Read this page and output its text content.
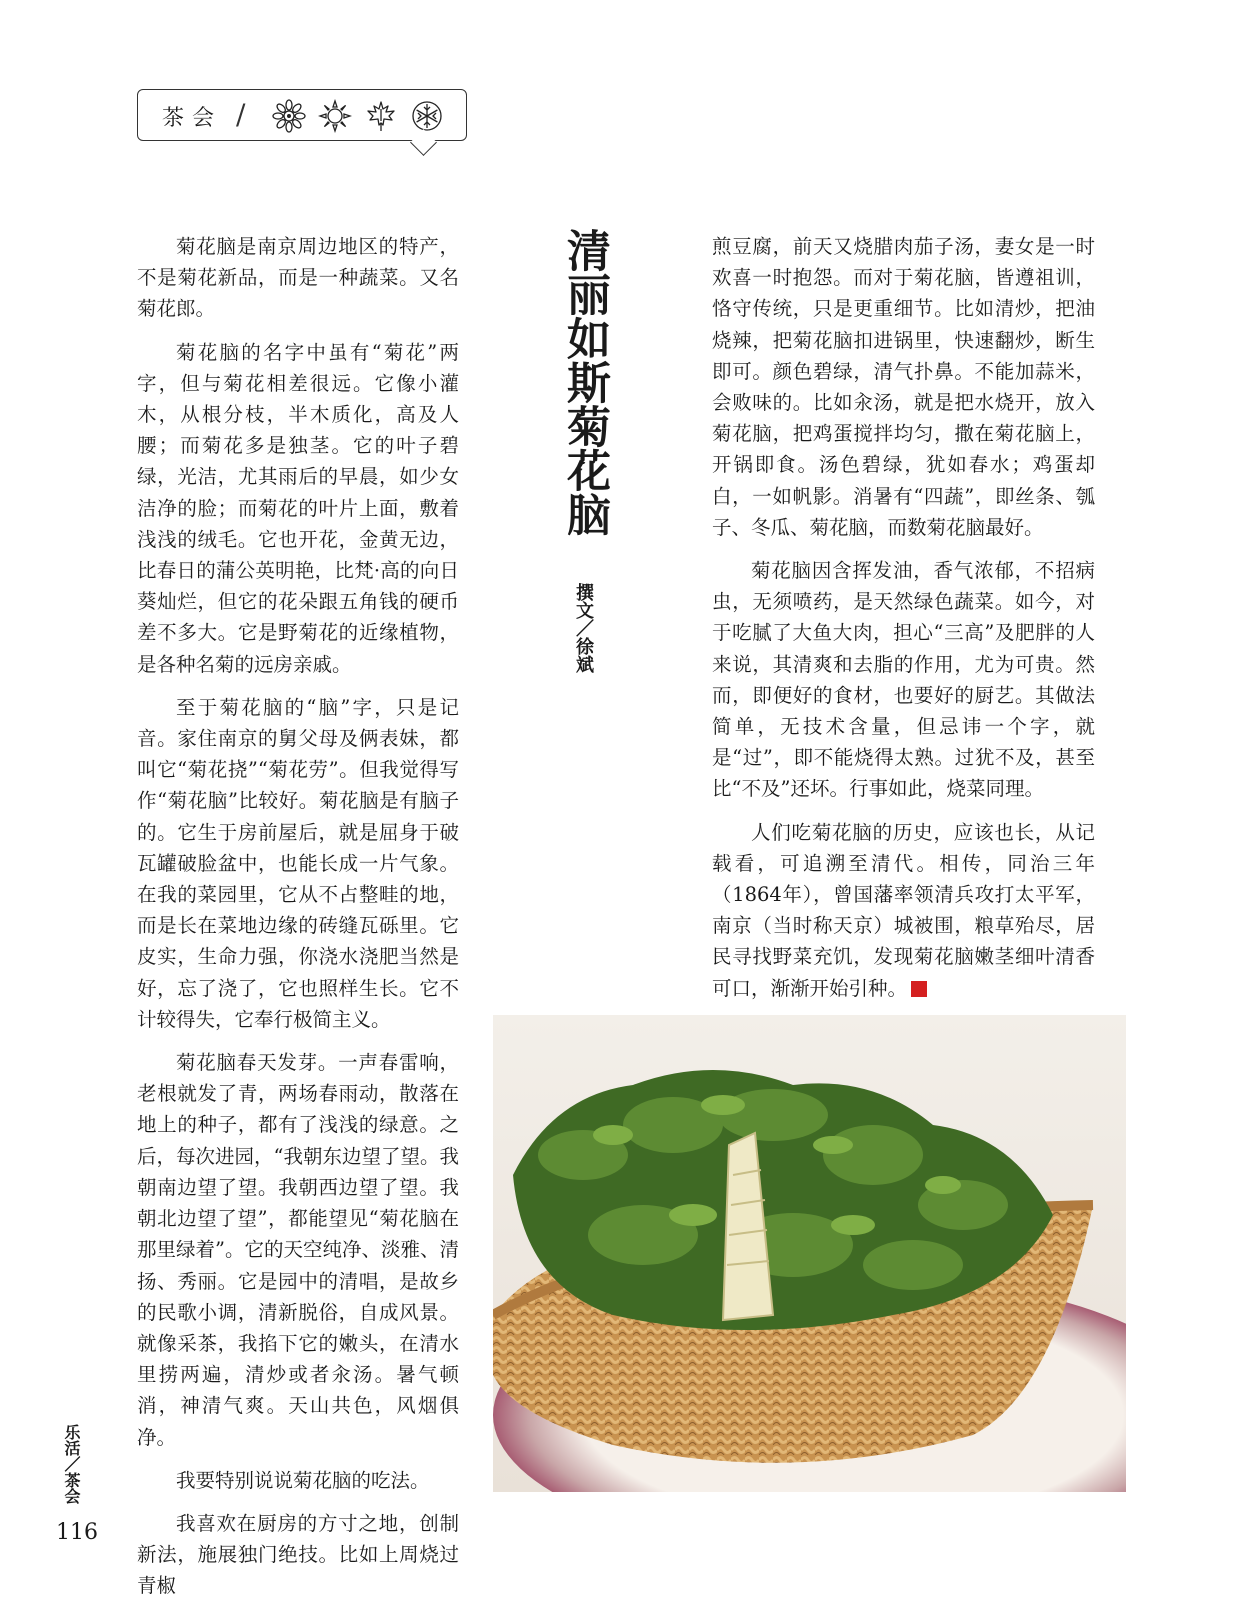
茶会 /

菊花脑是南京周边地区的特产，不是菊花新品，而是一种蔬菜。又名菊花郎。

菊花脑的名字中虽有“菊花”两字，但与菊花相差很远。它像小灌木，从根分枝，半木质化，高及人腰；而菊花多是独茎。它的叶子碧绿，光洁，尤其雨后的早晨，如少女洁净的脸；而菊花的叶片上面，敷着浅浅的绒毛。它也开花，金黄无边，比春日的蒲公英明艳，比梵·高的向日葵灿烂，但它的花朵跟五角钱的硬币差不多大。它是野菊花的近缘植物，是各种名菊的远房亲戚。

至于菊花脑的“脑”字，只是记音。家住南京的舅父母及俩表妹，都叫它“菊花挠”“菊花劳”。但我觉得写作“菊花脑”比较好。菊花脑是有脑子的。它生于房前屋后，就是屈身于破瓦罐破脸盆中，也能长成一片气象。在我的菜园里，它从不占整畦的地，而是长在菜地边缘的砖缝瓦砾里。它皮实，生命力强，你浇水浇肥当然是好，忘了浇了，它也照样生长。它不计较得失，它奉行极简主义。

菊花脑春天发芽。一声春雷响，老根就发了青，两场春雨动，散落在地上的种子，都有了浅浅的绿意。之后，每次进园，“我朝东边望了望。我朝南边望了望。我朝西边望了望。我朝北边望了望”，都能望见“菊花脑在那里绿着”。它的天空纯净、淡雅、清扬、秀丽。它是园中的清唱，是故乡的民歌小调，清新脱俗，自成风景。就像采茶，我掐下它的嫩头，在清水里捞两遍，清炒或者汆汤。暑气顿消，神清气爽。天山共色，风烟俱净。

我要特别说说菊花脑的吃法。

我喜欢在厨房的方寸之地，创制新法，施展独门绝技。比如上周烧过青椒

清丽如斯菊花脑
撰文／徐斌

煎豆腐，前天又烧腊肉茄子汤，妻女是一时欢喜一时抱怨。而对于菊花脑，皆遵祖训，恪守传统，只是更重细节。比如清炒，把油烧辣，把菊花脑扣进锅里，快速翻炒，断生即可。颜色碧绿，清气扑鼻。不能加蒜米，会败味的。比如汆汤，就是把水烧开，放入菊花脑，把鸡蛋搅拌均匀，撒在菊花脑上，开锅即食。汤色碧绿，犹如春水；鸡蛋却白，一如帆影。消暑有“四蔬”，即丝条、瓠子、冬瓜、菊花脑，而数菊花脑最好。

菊花脑因含挥发油，香气浓郁，不招病虫，无须喷药，是天然绿色蔬菜。如今，对于吃腻了大鱼大肉，担心“三高”及肥胖的人来说，其清爽和去脂的作用，尤为可贵。然而，即便好的食材，也要好的厨艺。其做法简单，无技术含量，但忌讳一个字，就是“过”，即不能烧得太熟。过犹不及，甚至比“不及”还坏。行事如此，烧菜同理。

人们吃菊花脑的历史，应该也长，从记载看，可追溯至清代。相传，同治三年（1864年），曾国藩率领清兵攻打太平军，南京（当时称天京）城被围，粮草殆尽，居民寻找野菜充饥，发现菊花脑嫩茎细叶清香可口，渐渐开始引种。

乐活／茶会
116
